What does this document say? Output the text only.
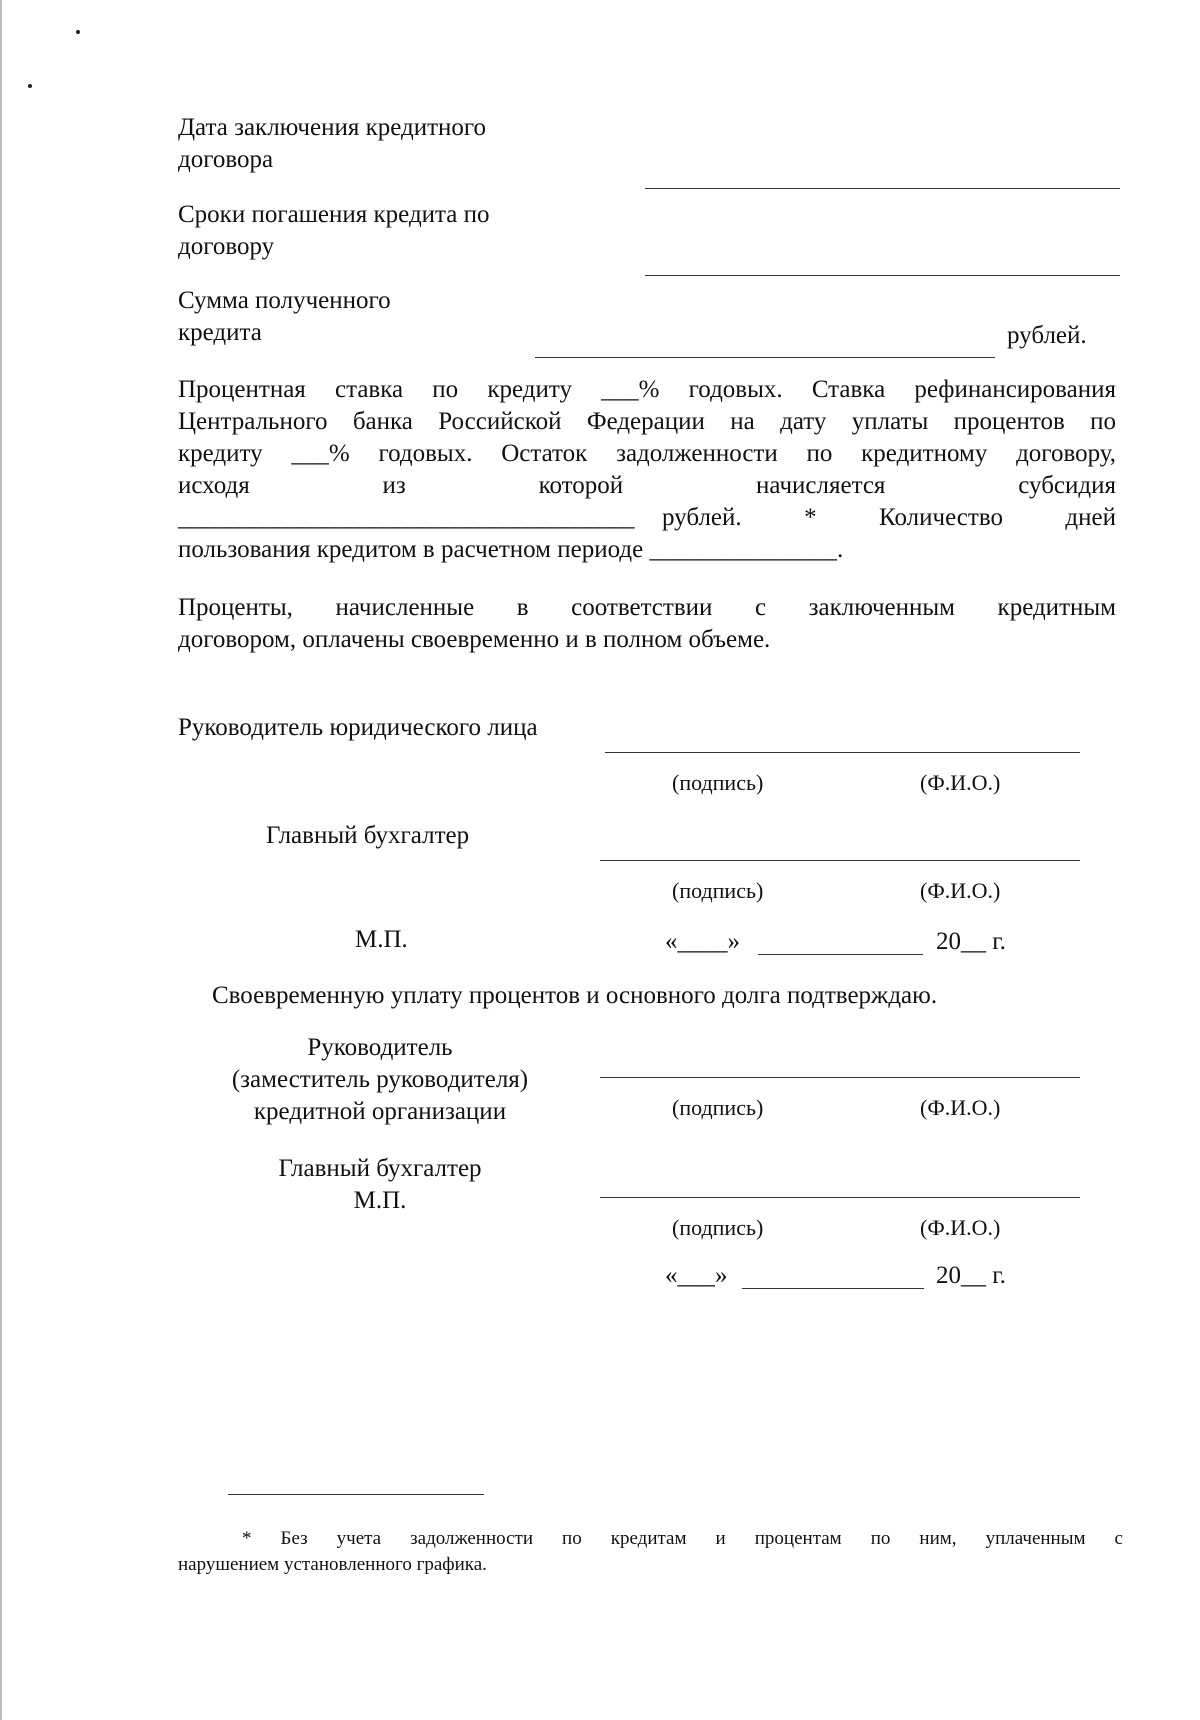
Дата заключения кредитного
договора
Сроки погашения кредита по
договору
Сумма полученного
кредита	рублей.
Процентная ставка по кредиту ___% годовых. Ставка рефинансирования
Центрального банка Российской Федерации на дату уплаты процентов по
кредиту ___% годовых. Остаток задолженности по кредитному договору,
исходя из которой начисляется субсидия
______________________________________ рублей. * Количество дней
пользования кредитом в расчетном периоде _______________.
Проценты, начисленные в соответствии с заключенным кредитным
договором, оплачены своевременно и в полном объеме.
Руководитель юридического лица
(подпись)	(Ф.И.О.)
Главный бухгалтер
(подпись)	(Ф.И.О.)
М.П.	«____»	20__ г.
Своевременную уплату процентов и основного долга подтверждаю.
Руководитель
(заместитель руководителя)
кредитной организации	(подпись)	(Ф.И.О.)
Главный бухгалтер
М.П.
(подпись)	(Ф.И.О.)
«___»	20__ г.
* Без учета задолженности по кредитам и процентам по ним, уплаченным с
нарушением установленного графика.
